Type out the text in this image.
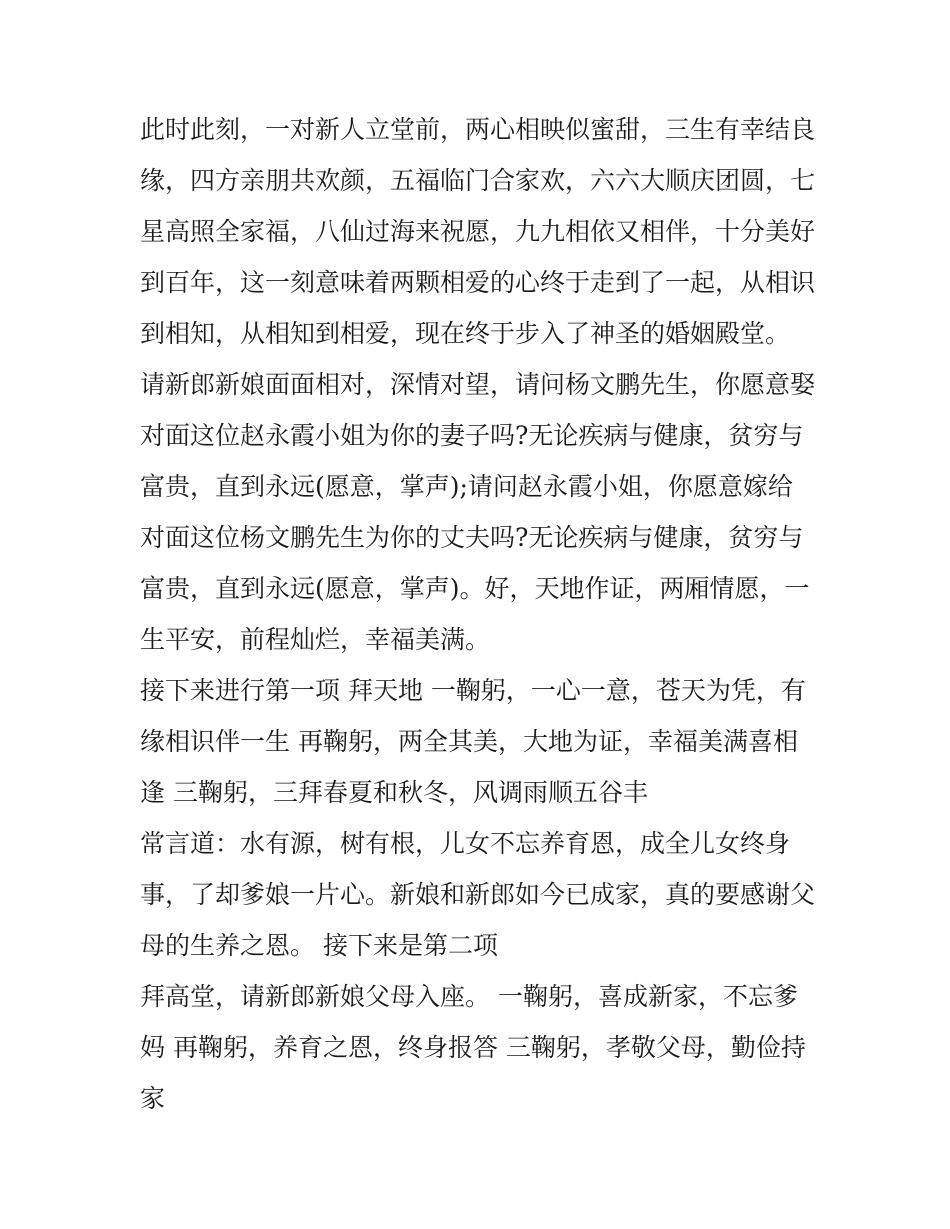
此时此刻，一对新人立堂前，两心相映似蜜甜，三生有幸结良
缘，四方亲朋共欢颜，五福临门合家欢，六六大顺庆团圆，七
星高照全家福，八仙过海来祝愿，九九相依又相伴，十分美好
到百年，这一刻意味着两颗相爱的心终于走到了一起，从相识
到相知，从相知到相爱，现在终于步入了神圣的婚姻殿堂。
请新郎新娘面面相对，深情对望，请问杨文鹏先生，你愿意娶
对面这位赵永霞小姐为你的妻子吗?无论疾病与健康，贫穷与
富贵，直到永远(愿意，掌声);请问赵永霞小姐，你愿意嫁给
对面这位杨文鹏先生为你的丈夫吗?无论疾病与健康，贫穷与
富贵，直到永远(愿意，掌声)。好，天地作证，两厢情愿，一
生平安，前程灿烂，幸福美满。
接下来进行第一项 拜天地 一鞠躬，一心一意，苍天为凭，有
缘相识伴一生 再鞠躬，两全其美，大地为证，幸福美满喜相
逢 三鞠躬，三拜春夏和秋冬，风调雨顺五谷丰
常言道：水有源，树有根，儿女不忘养育恩，成全儿女终身
事，了却爹娘一片心。新娘和新郎如今已成家，真的要感谢父
母的生养之恩。 接下来是第二项
拜高堂，请新郎新娘父母入座。 一鞠躬，喜成新家，不忘爹
妈 再鞠躬，养育之恩，终身报答 三鞠躬，孝敬父母，勤俭持
家
